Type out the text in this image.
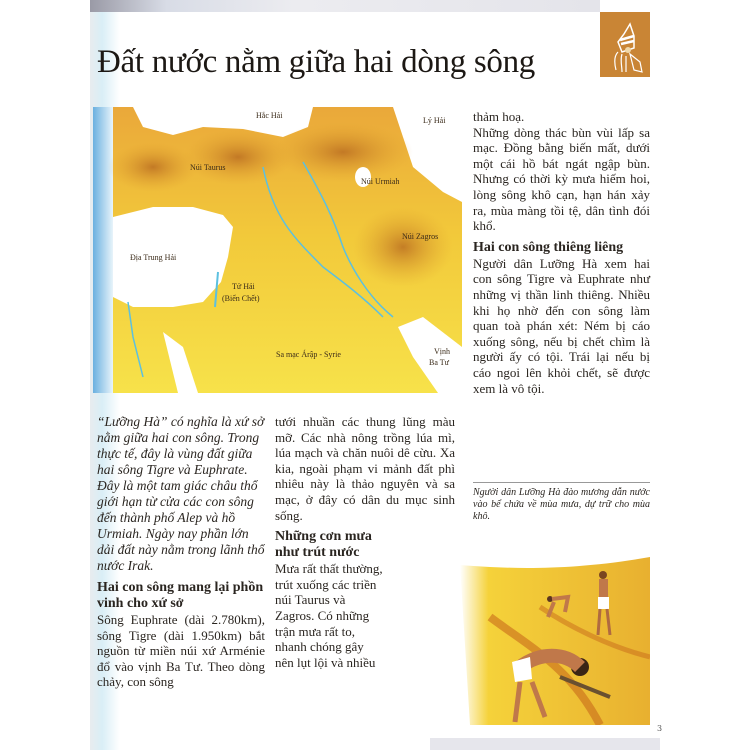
Đất nước nằm giữa hai dòng sông
Hắc Hải
Lý Hải
Núi Taurus
Núi Urmiah
Núi Zagros
Địa Trung Hải
Tử Hải
(Biển Chết)
Sa mạc Árập - Syrie	Vịnh
Ba Tư

thảm hoạ.

Những dòng thác bùn vùi lấp sa mạc. Đồng bằng biến mất, dưới một cái hồ bát ngát ngập bùn. Nhưng có thời kỳ mưa hiếm hoi, lòng sông khô cạn, hạn hán xảy ra, mùa màng tồi tệ, dân tình đói khổ.

Hai con sông thiêng liêng

Người dân Lưỡng Hà xem hai con sông Tigre và Euphrate như những vị thần linh thiêng. Nhiều khi họ nhờ đến con sông làm quan toà phán xét: Ném bị cáo xuống sông, nếu bị chết chìm là người ấy có tội. Trái lại nếu bị cáo ngoi lên khỏi chết, sẽ được xem là vô tội.

“Lưỡng Hà” có nghĩa là xứ sở nằm giữa hai con sông. Trong thực tế, đây là vùng đất giữa hai sông Tigre và Euphrate. Đây là một tam giác châu thổ giới hạn từ cửa các con sông đến thành phố Alep và hồ Urmiah. Ngày nay phần lớn dải đất này nằm trong lãnh thổ nước Irak.

Hai con sông mang lại phồn vinh cho xứ sở

Sông Euphrate (dài 2.780km), sông Tigre (dài 1.950km) bắt nguồn từ miền núi xứ Arménie đổ vào vịnh Ba Tư. Theo dòng chảy, con sông

tưới nhuần các thung lũng màu mỡ. Các nhà nông trồng lúa mì, lúa mạch và chăn nuôi dê cừu. Xa kia, ngoài phạm vi mảnh đất phì nhiêu này là thảo nguyên và sa mạc, ở đây có dân du mục sinh sống.

Những cơn mưa như trút nước

Mưa rất thất thường, trút xuống các triền núi Taurus và Zagros. Có những trận mưa rất to, nhanh chóng gây nên lụt lội và nhiều

Người dân Lưỡng Hà đào mương dẫn nước vào bể chứa về mùa mưa, dự trữ cho mùa khô.
3
